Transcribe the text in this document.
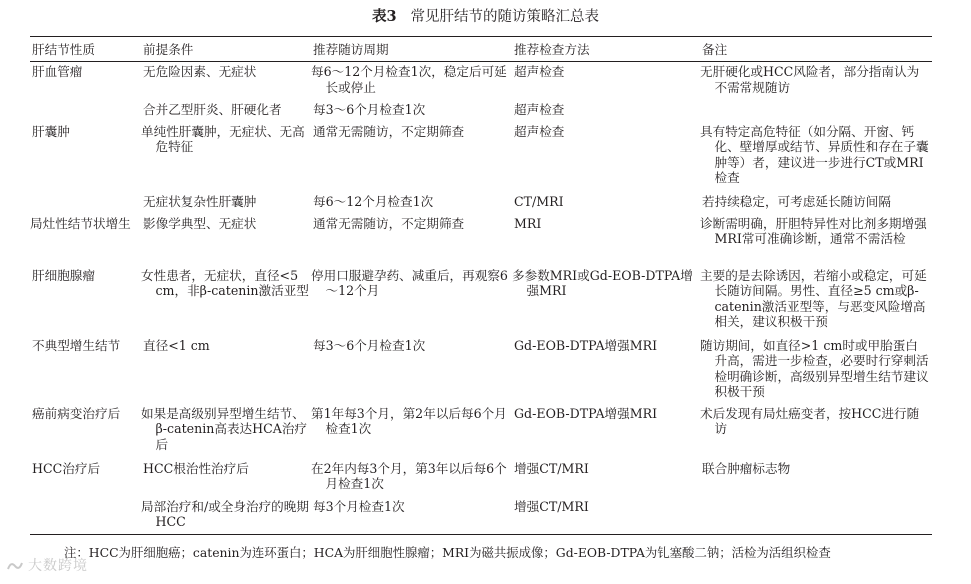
表3 常见肝结节的随访策略汇总表
肝结节性质	前提条件	推荐随访周期	推荐检查方法	备注
肝血管瘤	无危险因素、无症状	每6～12个月检查1次，稳定后可延长或停止	超声检查	无肝硬化或HCC风险者，部分指南认为不需常规随访
	合并乙型肝炎、肝硬化者	每3～6个月检查1次	超声检查	
肝囊肿	单纯性肝囊肿，无症状、无高危特征	通常无需随访，不定期筛查	超声检查	具有特定高危特征（如分隔、开窗、钙化、壁增厚或结节、异质性和存在子囊肿等）者，建议进一步进行CT或MRI检查
	无症状复杂性肝囊肿	每6～12个月检查1次	CT/MRI	若持续稳定，可考虑延长随访间隔
局灶性结节状增生	影像学典型、无症状	通常无需随访，不定期筛查	MRI	诊断需明确，肝胆特异性对比剂多期增强MRI常可准确诊断，通常不需活检
肝细胞腺瘤	女性患者，无症状，直径<5 cm，非β-catenin激活亚型	停用口服避孕药、减重后，再观察6～12个月	多参数MRI或Gd-EOB-DTPA增强MRI	主要的是去除诱因，若缩小或稳定，可延长随访间隔。男性、直径≥5 cm或β-catenin激活亚型等，与恶变风险增高相关，建议积极干预
不典型增生结节	直径<1 cm	每3～6个月检查1次	Gd-EOB-DTPA增强MRI	随访期间，如直径>1 cm时或甲胎蛋白升高，需进一步检查，必要时行穿刺活检明确诊断，高级别异型增生结节建议积极干预
癌前病变治疗后	如果是高级别异型增生结节、β-catenin高表达HCA治疗后	第1年每3个月，第2年以后每6个月检查1次	Gd-EOB-DTPA增强MRI	术后发现有局灶癌变者，按HCC进行随访
HCC治疗后	HCC根治性治疗后	在2年内每3个月，第3年以后每6个月检查1次	增强CT/MRI	联合肿瘤标志物
	局部治疗和/或全身治疗的晚期HCC	每3个月检查1次	增强CT/MRI	
注：HCC为肝细胞癌；catenin为连环蛋白；HCA为肝细胞性腺瘤；MRI为磁共振成像；Gd-EOB-DTPA为钆塞酸二钠；活检为活组织检查
大数跨境
